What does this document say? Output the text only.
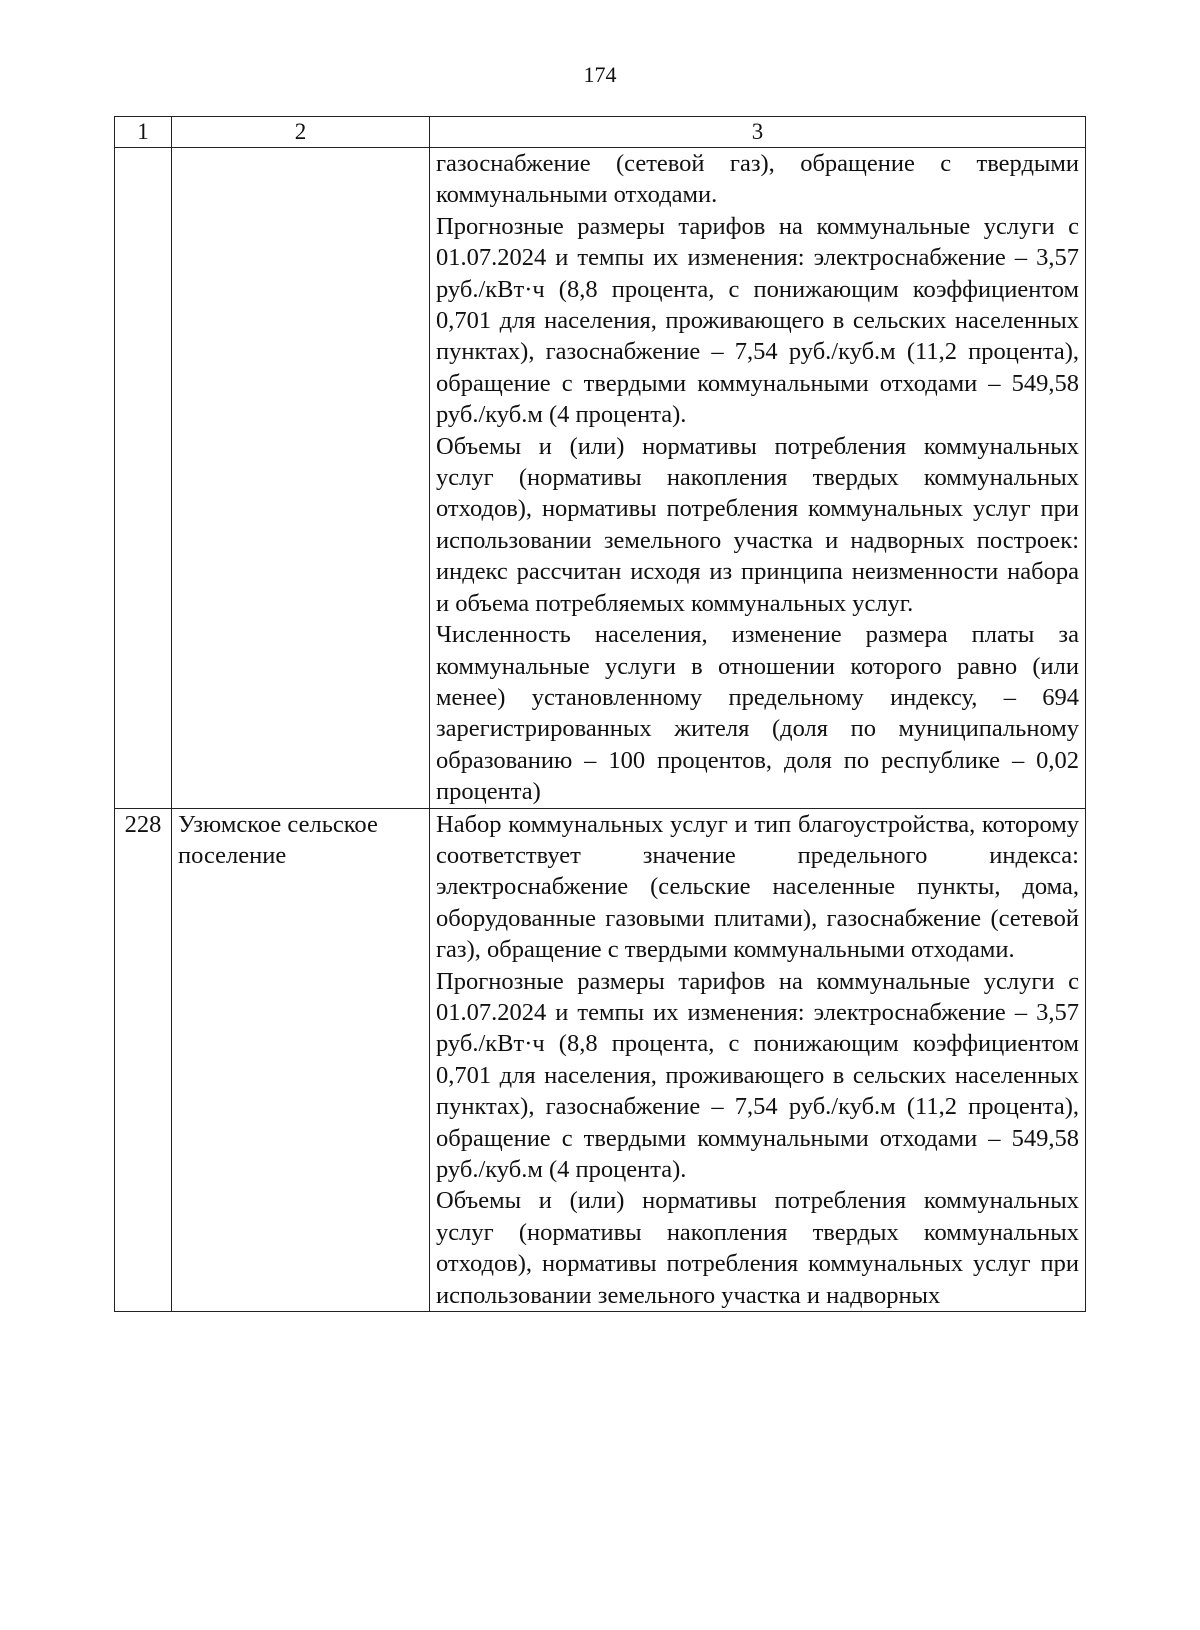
174
1	2	3

		газоснабжение (сетевой газ), обращение с твердыми коммунальными отходами.

Прогнозные размеры тарифов на коммунальные услуги с 01.07.2024 и темпы их изменения: электроснабжение – 3,57 руб./кВт·ч (8,8 процента, с понижающим коэффициентом 0,701 для населения, проживающего в сельских населенных пунктах), газоснабжение – 7,54 руб./куб.м (11,2 процента), обращение с твердыми коммунальными отходами – 549,58 руб./куб.м (4 процента).

Объемы и (или) нормативы потребления коммунальных услуг (нормативы накопления твердых коммунальных отходов), нормативы потребления коммунальных услуг при использовании земельного участка и надворных построек: индекс рассчитан исходя из принципа неизменности набора и объема потребляемых коммунальных услуг.

Численность населения, изменение размера платы за коммунальные услуги в отношении которого равно (или менее) установленному предельному индексу, – 694 зарегистрированных жителя (доля по муниципальному образованию – 100 процентов, доля по республике – 0,02 процента)

228	Узюмское сельское поселение	Набор коммунальных услуг и тип благоустройства, которому соответствует значение предельного индекса: электроснабжение (сельские населенные пункты, дома, оборудованные газовыми плитами), газоснабжение (сетевой газ), обращение с твердыми коммунальными отходами.

Прогнозные размеры тарифов на коммунальные услуги с 01.07.2024 и темпы их изменения: электроснабжение – 3,57 руб./кВт·ч (8,8 процента, с понижающим коэффициентом 0,701 для населения, проживающего в сельских населенных пунктах), газоснабжение – 7,54 руб./куб.м (11,2 процента), обращение с твердыми коммунальными отходами – 549,58 руб./куб.м (4 процента).

Объемы и (или) нормативы потребления коммунальных услуг (нормативы накопления твердых коммунальных отходов), нормативы потребления коммунальных услуг при использовании земельного участка и надворных
